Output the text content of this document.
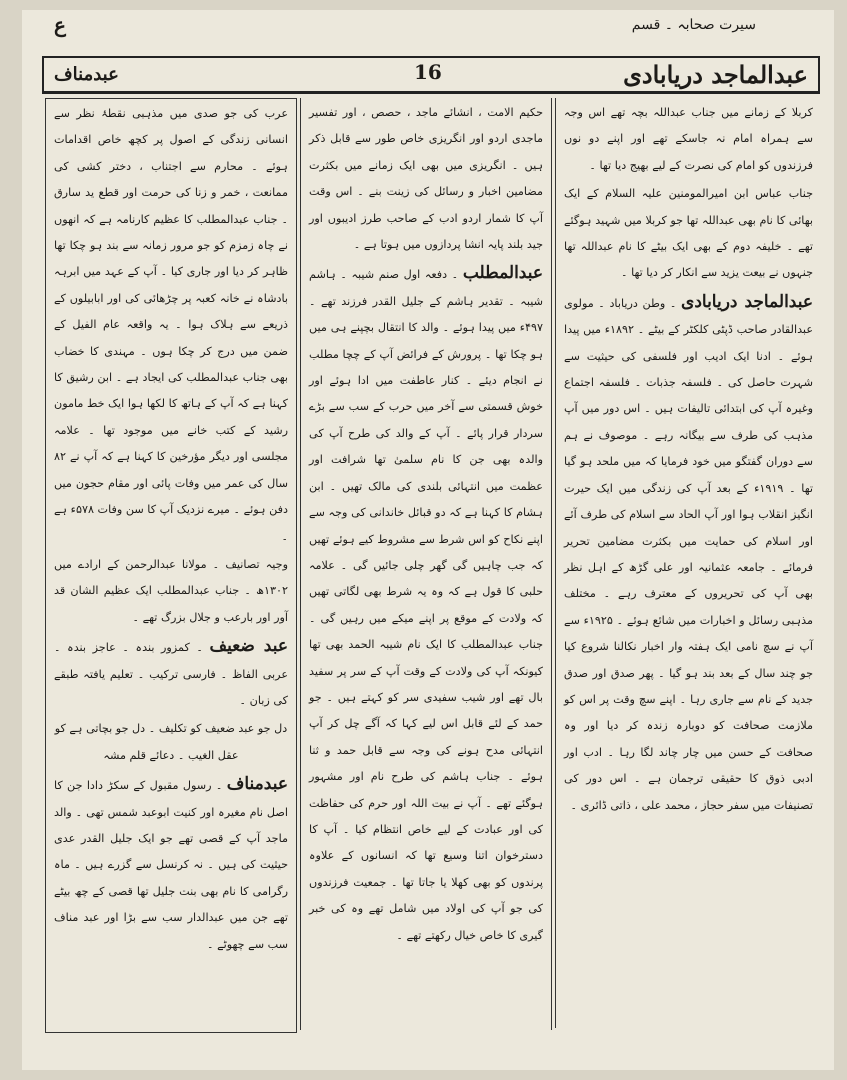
ع	سیرت صحابہ ۔ قسم
عبدالماجد دریابادی
16
عبدمناف

کربلا کے زمانے میں جناب عبداللہ بچہ تھے اس وجہ سے ہمراہ امام نہ جاسکے تھے اور اپنے دو نوں فرزندوں کو امام کی نصرت کے لیے بھیج دیا تھا ۔

جناب عباس ابن امیرالمومنین علیہ السلام کے ایک بھائی کا نام بھی عبداللہ تھا جو کربلا میں شہید ہوگئے تھے ۔ خلیفہ دوم کے بھی ایک بیٹے کا نام عبداللہ تھا جنہوں نے بیعت یزید سے انکار کر دیا تھا ۔

عبدالماجد دریابادی ۔ وطن دریاباد ۔ مولوی عبدالقادر صاحب ڈپٹی کلکٹر کے بیٹے ۔ ۱۸۹۲ء میں پیدا ہوئے ۔ ادنا ایک ادیب اور فلسفی کی حیثیت سے شہرت حاصل کی ۔ فلسفہ جذبات ۔ فلسفہ اجتماع وغیرہ آپ کی ابتدائی تالیفات ہیں ۔ اس دور میں آپ مذہب کی طرف سے بیگانہ رہے ۔ موصوف نے ہم سے دوران گفتگو میں خود فرمایا کہ میں ملحد ہو گیا تھا ۔ ۱۹۱۹ء کے بعد آپ کی زندگی میں ایک حیرت انگیز انقلاب ہوا اور آپ الحاد سے اسلام کی طرف آئے اور اسلام کی حمایت میں بکثرت مضامین تحریر فرمائے ۔ جامعہ عثمانیہ اور علی گڑھ کے اہل نظر بھی آپ کی تحریروں کے معترف رہے ۔ مختلف مذہبی رسائل و اخبارات میں شائع ہوئے ۔ ۱۹۲۵ء سے آپ نے سچ نامی ایک ہفتہ وار اخبار نکالنا شروع کیا جو چند سال کے بعد بند ہو گیا ۔ پھر صدق اور صدق جدید کے نام سے جاری رہا ۔ اپنے سچ وقت پر اس کو ملازمت صحافت کو دوبارہ زندہ کر دیا اور وہ صحافت کے حسن میں چار چاند لگا رہا ۔ ادب اور ادبی ذوق کا حقیقی ترجمان ہے ۔ اس دور کی تصنیفات میں سفر حجاز ، محمد علی ، ذاتی ڈائری ۔

حکیم الامت ، انشائے ماجد ، حصص ، اور تفسیر ماجدی اردو اور انگریزی خاص طور سے قابل ذکر ہیں ۔ انگریزی میں بھی ایک زمانے میں بکثرت مضامین اخبار و رسائل کی زینت بنے ۔ اس وقت آپ کا شمار اردو ادب کے صاحب طرز ادیبوں اور جید بلند پایہ انشا پردازوں میں ہوتا ہے ۔

عبدالمطلب ۔ دفعہ اول صنم شیبہ ۔ ہاشم شیبہ ۔ تقدیر ہاشم کے جلیل القدر فرزند تھے ۔ ۴۹۷ء میں پیدا ہوئے ۔ والد کا انتقال بچپنے ہی میں ہو چکا تھا ۔ پرورش کے فرائض آپ کے چچا مطلب نے انجام دیئے ۔ کنار عاطفت میں ادا ہوئے اور خوش قسمتی سے آخر میں حرب کے سب سے بڑے سردار قرار پائے ۔ آپ کے والد کی طرح آپ کی والدہ بھی جن کا نام سلمیٰ تھا شرافت اور عظمت میں انتہائی بلندی کی مالک تھیں ۔ ابن ہشام کا کہنا ہے کہ دو قبائل خاندانی کی وجہ سے اپنے نکاح کو اس شرط سے مشروط کیے ہوئے تھیں کہ جب چاہیں گی گھر چلی جائیں گی ۔ علامہ حلبی کا قول ہے کہ وہ یہ شرط بھی لگاتی تھیں کہ ولادت کے موقع پر اپنے میکے میں رہیں گی ۔ جناب عبدالمطلب کا ایک نام شیبہ الحمد بھی تھا کیونکہ آپ کی ولادت کے وقت آپ کے سر پر سفید بال تھے اور شیب سفیدی سر کو کہتے ہیں ۔ جو حمد کے لئے قابل اس لیے کہا کہ آگے چل کر آپ انتہائی مدح ہونے کی وجہ سے قابل حمد و ثنا ہوئے ۔ جناب ہاشم کی طرح نام اور مشہور ہوگئے تھے ۔ آپ نے بیت اللہ اور حرم کی حفاظت کی اور عبادت کے لیے خاص انتظام کیا ۔ آپ کا دسترخوان اتنا وسیع تھا کہ انسانوں کے علاوہ پرندوں کو بھی کھلا یا جاتا تھا ۔ جمعیت فرزندوں کی جو آپ کی اولاد میں شامل تھے وہ کی خبر گیری کا خاص خیال رکھتے تھے ۔

عرب کی جو صدی میں مذہبی نقطۂ نظر سے انسانی زندگی کے اصول پر کچھ خاص اقدامات ہوئے ۔ محارم سے اجتناب ، دختر کشی کی ممانعت ، خمر و زنا کی حرمت اور قطع ید سارق ۔ جناب عبدالمطلب کا عظیم کارنامہ ہے کہ انھوں نے چاہ زمزم کو جو مرور زمانہ سے بند ہو چکا تھا ظاہر کر دیا اور جاری کیا ۔ آپ کے عہد میں ابرہہ بادشاہ نے خانہ کعبہ پر چڑھائی کی اور ابابیلوں کے ذریعے سے ہلاک ہوا ۔ یہ واقعہ عام الفیل کے ضمن میں درج کر چکا ہوں ۔ مہندی کا خضاب بھی جناب عبدالمطلب کی ایجاد ہے ۔ ابن رشیق کا کہنا ہے کہ آپ کے ہاتھ کا لکھا ہوا ایک خط مامون رشید کے کتب خانے میں موجود تھا ۔ علامہ مجلسی اور دیگر مؤرخین کا کہنا ہے کہ آپ نے ۸۲ سال کی عمر میں وفات پائی اور مقام حجون میں دفن ہوئے ۔ میرے نزدیک آپ کا سن وفات ۵۷۸ء ہے ۔

وجیہ تصانیف ۔ مولانا عبدالرحمن کے ارادے میں ۱۳۰۲ھ ۔ جناب عبدالمطلب ایک عظیم الشان قد آور اور بارعب و جلال بزرگ تھے ۔

عبد ضعیف ۔ کمزور بندہ ۔ عاجز بندہ ۔ عربی الفاظ ۔ فارسی ترکیب ۔ تعلیم یافتہ طبقے کی زبان ۔

دل جو عبد ضعیف کو تکلیف ۔ دل جو بچاتی ہے کو عقل الغیب ۔ دعائے قلم مشہ

عبدمناف ۔ رسول مقبول کے سکڑ دادا جن کا اصل نام مغیرہ اور کنیت ابوعبد شمس تھی ۔ والد ماجد آپ کے قصی تھے جو ایک جلیل القدر عدی حیثیت کی ہیں ۔ نہ کرنسل سے گزرے ہیں ۔ ماہ رگرامی کا نام بھی بنت جلیل تھا قصی کے چھ بیٹے تھے جن میں عبدالدار سب سے بڑا اور عبد مناف سب سے چھوٹے ۔
